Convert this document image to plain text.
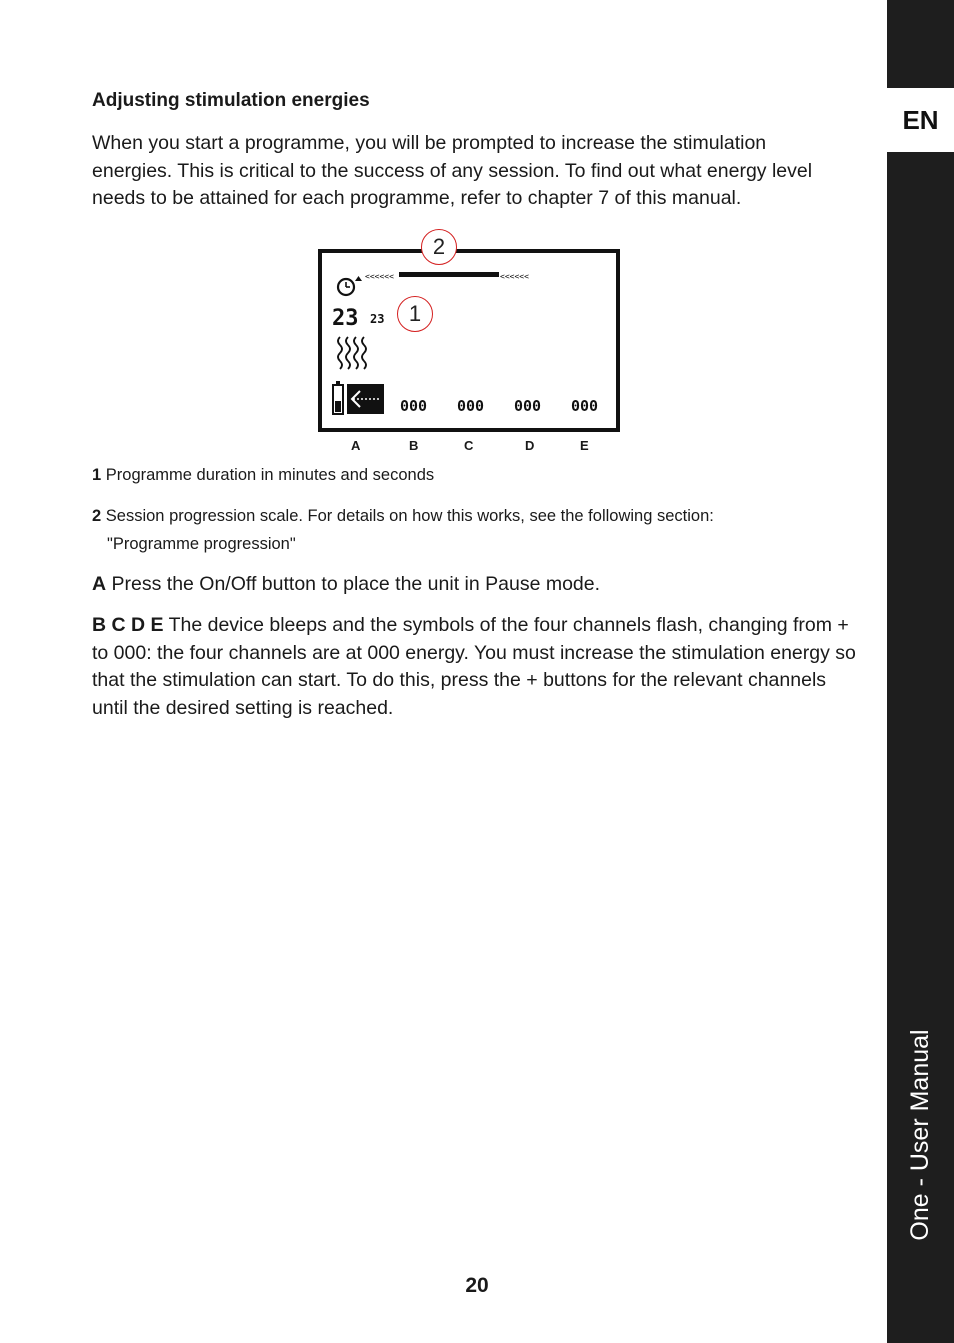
EN
One - User Manual
Adjusting stimulation energies
When you start a programme, you will be prompted to increase the stimulation energies. This is critical to the success of any session. To find out what energy level needs to be attained for each programme, refer to chapter 7 of this manual.
<<<<<<	<<<<<<
23 23
000 000 000 000
2
1
A	B	C	D	E
1 Programme duration in minutes and seconds
2 Session progression scale. For details on how this works, see the following section:
"Programme progression"
A Press the On/Off button to place the unit in Pause mode.
B C D E The device bleeps and the symbols of the four channels flash, changing from + to 000: the four channels are at 000 energy. You must increase the stimulation energy so that the stimulation can start. To do this, press the + buttons for the relevant channels until the desired setting is reached.
20
